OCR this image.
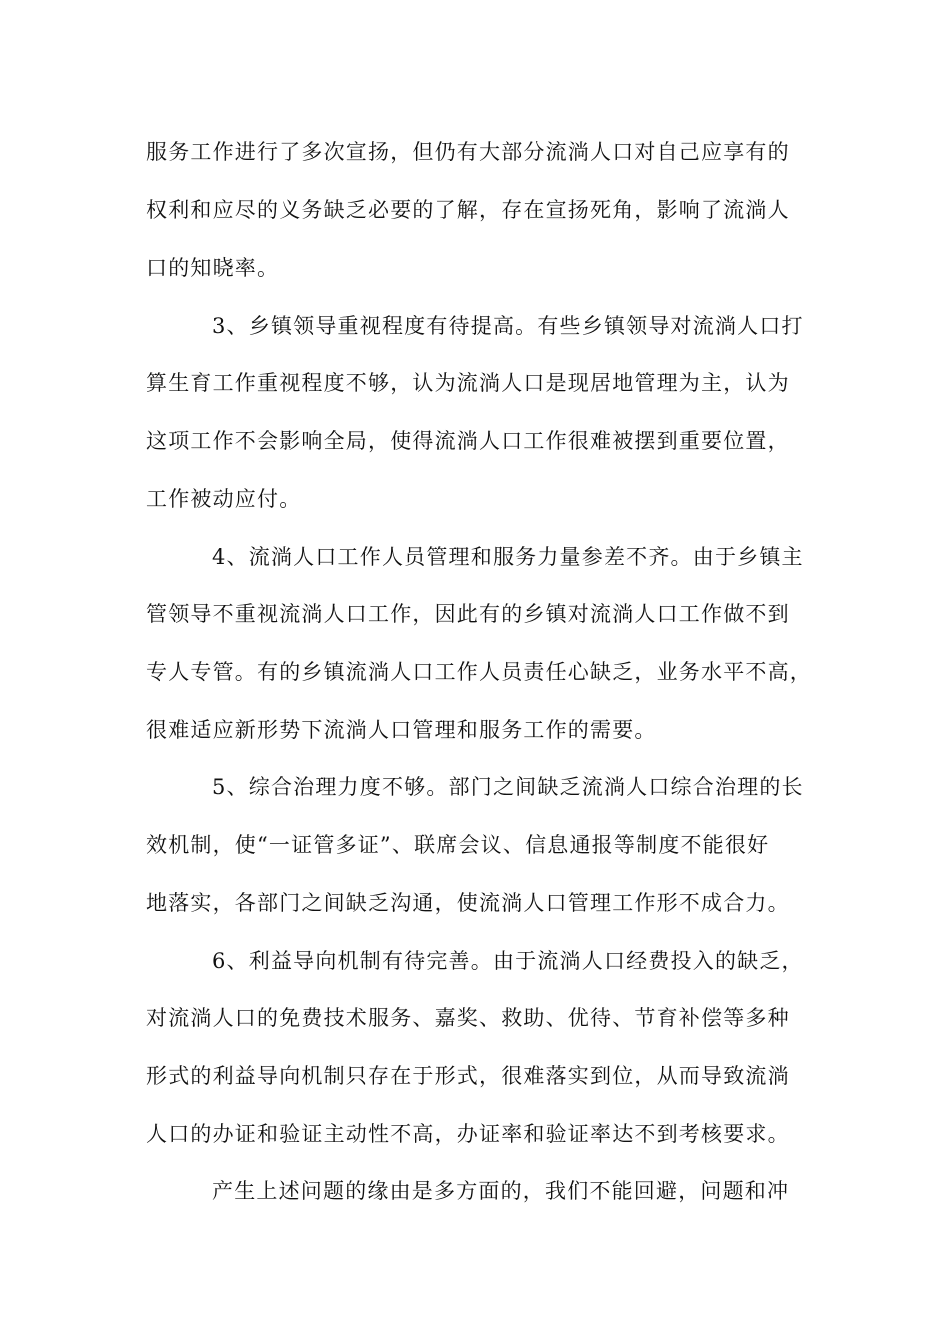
服务工作进行了多次宣扬，但仍有大部分流淌人口对自己应享有的
权利和应尽的义务缺乏必要的了解，存在宣扬死角，影响了流淌人
口的知晓率。
3、乡镇领导重视程度有待提高。有些乡镇领导对流淌人口打
算生育工作重视程度不够，认为流淌人口是现居地管理为主，认为
这项工作不会影响全局，使得流淌人口工作很难被摆到重要位置，
工作被动应付。
4、流淌人口工作人员管理和服务力量参差不齐。由于乡镇主
管领导不重视流淌人口工作，因此有的乡镇对流淌人口工作做不到
专人专管。有的乡镇流淌人口工作人员责任心缺乏，业务水平不高，
很难适应新形势下流淌人口管理和服务工作的需要。
5、综合治理力度不够。部门之间缺乏流淌人口综合治理的长
效机制，使“一证管多证”、联席会议、信息通报等制度不能很好
地落实，各部门之间缺乏沟通，使流淌人口管理工作形不成合力。
6、利益导向机制有待完善。由于流淌人口经费投入的缺乏，
对流淌人口的免费技术服务、嘉奖、救助、优待、节育补偿等多种
形式的利益导向机制只存在于形式，很难落实到位，从而导致流淌
人口的办证和验证主动性不高，办证率和验证率达不到考核要求。
产生上述问题的缘由是多方面的，我们不能回避，问题和冲
